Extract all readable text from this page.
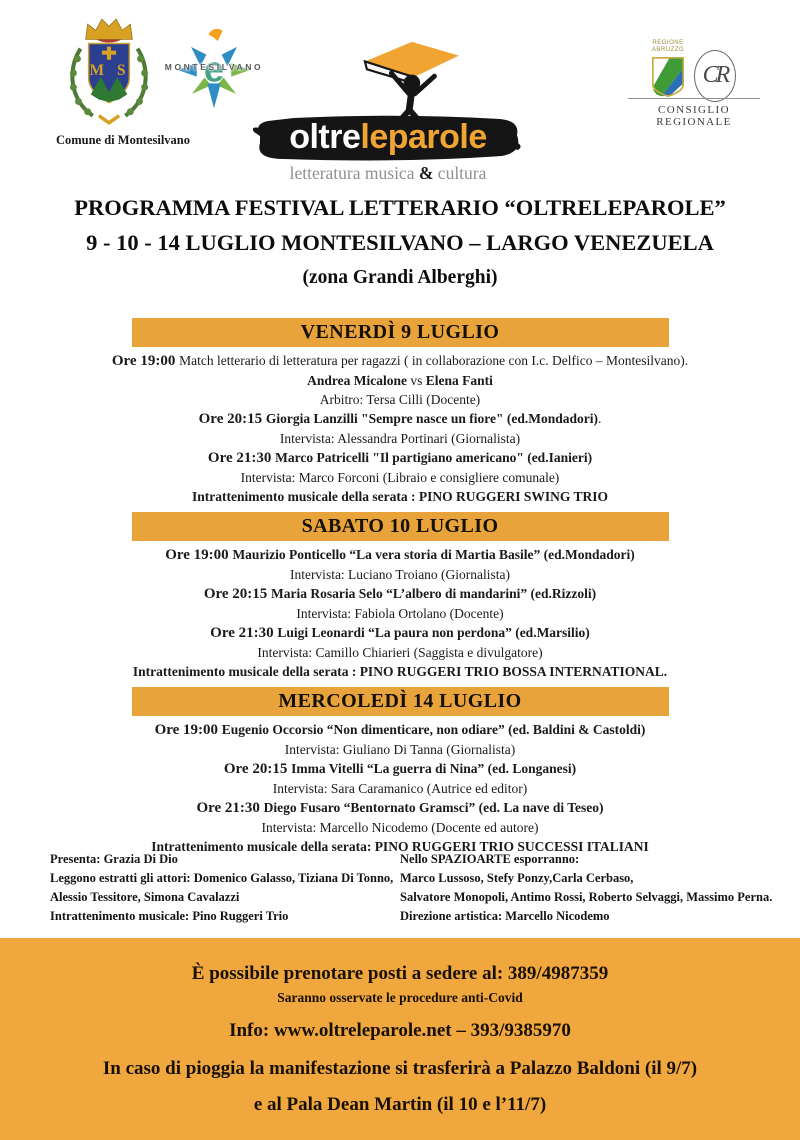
M S
Comune di Montesilvano
e
MONTESILVANO
oltreleparole
letteratura musica & cultura
REGIONE
ABRUZZO
CR
CONSIGLIO REGIONALE
PROGRAMMA FESTIVAL LETTERARIO “OLTRELEPAROLE”
9 - 10 - 14 LUGLIO MONTESILVANO – LARGO VENEZUELA
(zona Grandi Alberghi)
VENERDÌ 9 LUGLIO
Ore 19:00 Match letterario di letteratura per ragazzi ( in collaborazione con I.c. Delfico – Montesilvano).
Andrea Micalone vs Elena Fanti
Arbitro: Tersa Cilli (Docente)
Ore 20:15 Giorgia Lanzilli "Sempre nasce un fiore" (ed.Mondadori).
Intervista: Alessandra Portinari (Giornalista)
Ore 21:30 Marco Patricelli "Il partigiano americano" (ed.Ianieri)
Intervista: Marco Forconi (Libraio e consigliere comunale)
Intrattenimento musicale della serata : PINO RUGGERI SWING TRIO
SABATO 10 LUGLIO
Ore 19:00 Maurizio Ponticello “La vera storia di Martia Basile” (ed.Mondadori)
Intervista: Luciano Troiano (Giornalista)
Ore 20:15 Maria Rosaria Selo “L’albero di mandarini” (ed.Rizzoli)
Intervista: Fabiola Ortolano (Docente)
Ore 21:30 Luigi Leonardi “La paura non perdona” (ed.Marsilio)
Intervista: Camillo Chiarieri (Saggista e divulgatore)
Intrattenimento musicale della serata : PINO RUGGERI TRIO BOSSA INTERNATIONAL.
MERCOLEDÌ 14 LUGLIO
Ore 19:00 Eugenio Occorsio “Non dimenticare, non odiare” (ed. Baldini & Castoldi)
Intervista: Giuliano Di Tanna (Giornalista)
Ore 20:15 Imma Vitelli “La guerra di Nina” (ed. Longanesi)
Intervista: Sara Caramanico (Autrice ed editor)
Ore 21:30 Diego Fusaro “Bentornato Gramsci” (ed. La nave di Teseo)
Intervista: Marcello Nicodemo (Docente ed autore)
Intrattenimento musicale della serata: PINO RUGGERI TRIO SUCCESSI ITALIANI
Presenta: Grazia Di Dio
Leggono estratti gli attori: Domenico Galasso, Tiziana Di Tonno,
Alessio Tessitore, Simona Cavalazzi
Intrattenimento musicale: Pino Ruggeri Trio
Nello SPAZIOARTE esporranno:
Marco Lussoso, Stefy Ponzy,Carla Cerbaso,
Salvatore Monopoli, Antimo Rossi, Roberto Selvaggi, Massimo Perna.
Direzione artistica: Marcello Nicodemo
È possibile prenotare posti a sedere al: 389/4987359
Saranno osservate le procedure anti-Covid
Info: www.oltreleparole.net – 393/9385970
In caso di pioggia la manifestazione si trasferirà a Palazzo Baldoni (il 9/7)
e al Pala Dean Martin (il 10 e l’11/7)
